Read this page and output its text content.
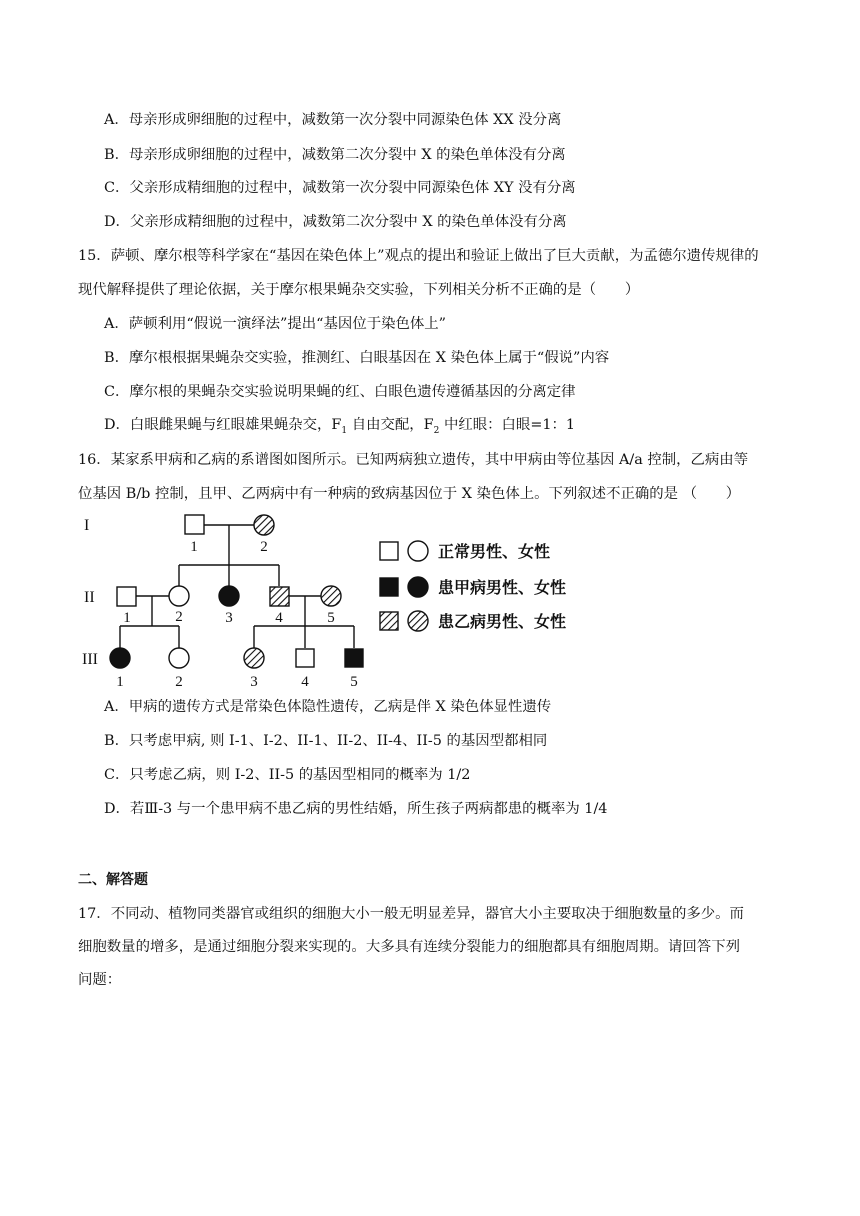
A．母亲形成卵细胞的过程中，减数第一次分裂中同源染色体 XX 没分离
B．母亲形成卵细胞的过程中，减数第二次分裂中 X 的染色单体没有分离
C．父亲形成精细胞的过程中，减数第一次分裂中同源染色体 XY 没有分离
D．父亲形成精细胞的过程中，减数第二次分裂中 X 的染色单体没有分离
15．萨顿、摩尔根等科学家在“基因在染色体上”观点的提出和验证上做出了巨大贡献，为孟德尔遗传规律的
现代解释提供了理论依据，关于摩尔根果蝇杂交实验，下列相关分析不正确的是（　　）
A．萨顿利用“假说一演绎法”提出“基因位于染色体上”
B．摩尔根根据果蝇杂交实验，推测红、白眼基因在 X 染色体上属于“假说”内容
C．摩尔根的果蝇杂交实验说明果蝇的红、白眼色遗传遵循基因的分离定律
D．白眼雌果蝇与红眼雄果蝇杂交，$F_1$ 自由交配，$F_2$ 中红眼：白眼=1：1
16．某家系甲病和乙病的系谱图如图所示。已知两病独立遗传，其中甲病由等位基因 A/a 控制，乙病由等
位基因 B/b 控制，且甲、乙两病中有一种病的致病基因位于 X 染色体上。下列叙述不正确的是 （　　）
I
II
III
1	2
1	2	3	4	5
1	2	3	4	5
正常男性、女性
患甲病男性、女性
患乙病男性、女性
A．甲病的遗传方式是常染色体隐性遗传，乙病是伴 X 染色体显性遗传
B．只考虑甲病, 则 I-1、I-2、II-1、II-2、II-4、II-5 的基因型都相同
C．只考虑乙病，则 I-2、II-5 的基因型相同的概率为 1/2
D．若Ⅲ-3 与一个患甲病不患乙病的男性结婚，所生孩子两病都患的概率为 1/4
二、解答题
17．不同动、植物同类器官或组织的细胞大小一般无明显差异，器官大小主要取决于细胞数量的多少。而
细胞数量的增多，是通过细胞分裂来实现的。大多具有连续分裂能力的细胞都具有细胞周期。请回答下列
问题：
